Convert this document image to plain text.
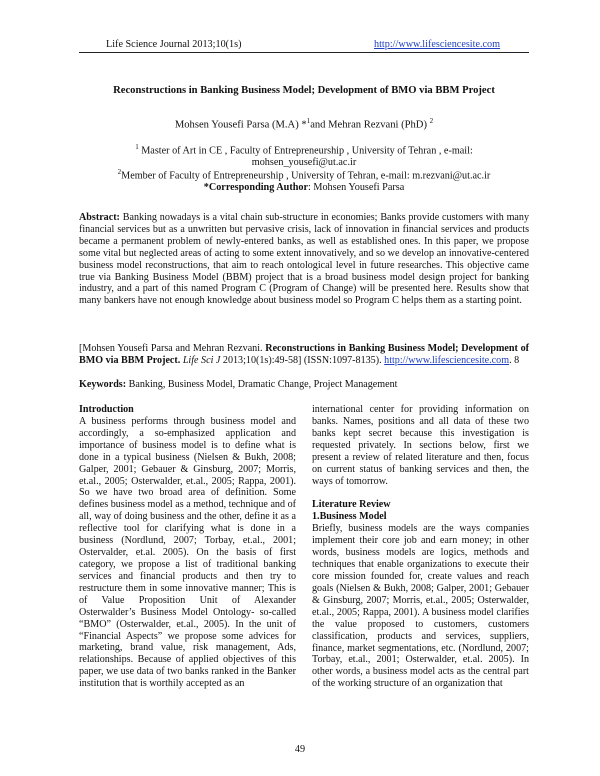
Life Science Journal 2013;10(1s)	http://www.lifesciencesite.com
Reconstructions in Banking Business Model; Development of BMO via BBM Project
Mohsen Yousefi Parsa (M.A) *$^1$and Mehran Rezvani (PhD) $^2$
$^1$ Master of Art in CE , Faculty of Entrepreneurship , University of Tehran , e-mail:
mohsen_yousefi@ut.ac.ir
$^2$Member of Faculty of Entrepreneurship , University of Tehran, e-mail: m.rezvani@ut.ac.ir
*Corresponding Author: Mohsen Yousefi Parsa
Abstract: Banking nowadays is a vital chain sub-structure in economies; Banks provide customers with many financial services but as a unwritten but pervasive crisis, lack of innovation in financial services and products became a permanent problem of newly-entered banks, as well as established ones. In this paper, we propose some vital but neglected areas of acting to some extent innovatively, and so we develop an innovative-centered business model reconstructions, that aim to reach ontological level in future researches. This objective came true via Banking Business Model (BBM) project that is a broad business model design project for banking industry, and a part of this named Program C (Program of Change) will be presented here. Results show that many bankers have not enough knowledge about business model so Program C helps them as a starting point.
[Mohsen Yousefi Parsa and Mehran Rezvani. Reconstructions in Banking Business Model; Development of BMO via BBM Project. Life Sci J 2013;10(1s):49-58] (ISSN:1097-8135). http://www.lifesciencesite.com. 8
Keywords: Banking, Business Model, Dramatic Change, Project Management
Introduction

A business performs through business model and accordingly, a so-emphasized application and importance of business model is to define what is done in a typical business (Nielsen & Bukh, 2008; Galper, 2001; Gebauer & Ginsburg, 2007; Morris, et.al., 2005; Osterwalder, et.al., 2005; Rappa, 2001). So we have two broad area of definition. Some defines business model as a method, technique and of all, way of doing business and the other, define it as a reflective tool for clarifying what is done in a business (Nordlund, 2007; Torbay, et.al., 2001; Ostervalder, et.al. 2005). On the basis of first category, we propose a list of traditional banking services and financial products and then try to restructure them in some innovative manner; This is of Value Proposition Unit of Alexander Osterwalder’s Business Model Ontology- so-called “BMO” (Osterwalder, et.al., 2005). In the unit of “Financial Aspects” we propose some advices for marketing, brand value, risk management, Ads, relationships. Because of applied objectives of this paper, we use data of two banks ranked in the Banker institution that is worthily accepted as an

international center for providing information on banks. Names, positions and all data of these two banks kept secret because this investigation is requested privately. In sections below, first we present a review of related literature and then, focus on current status of banking services and then, the ways of tomorrow.

Literature Review
1.Business Model

Briefly, business models are the ways companies implement their core job and earn money; in other words, business models are logics, methods and techniques that enable organizations to execute their core mission founded for, create values and reach goals (Nielsen & Bukh, 2008; Galper, 2001; Gebauer & Ginsburg, 2007; Morris, et.al., 2005; Osterwalder, et.al., 2005; Rappa, 2001). A business model clarifies the value proposed to customers, customers classification, products and services, suppliers, finance, market segmentations, etc. (Nordlund, 2007; Torbay, et.al., 2001; Osterwalder, et.al. 2005). In other words, a business model acts as the central part of the working structure of an organization that

49
